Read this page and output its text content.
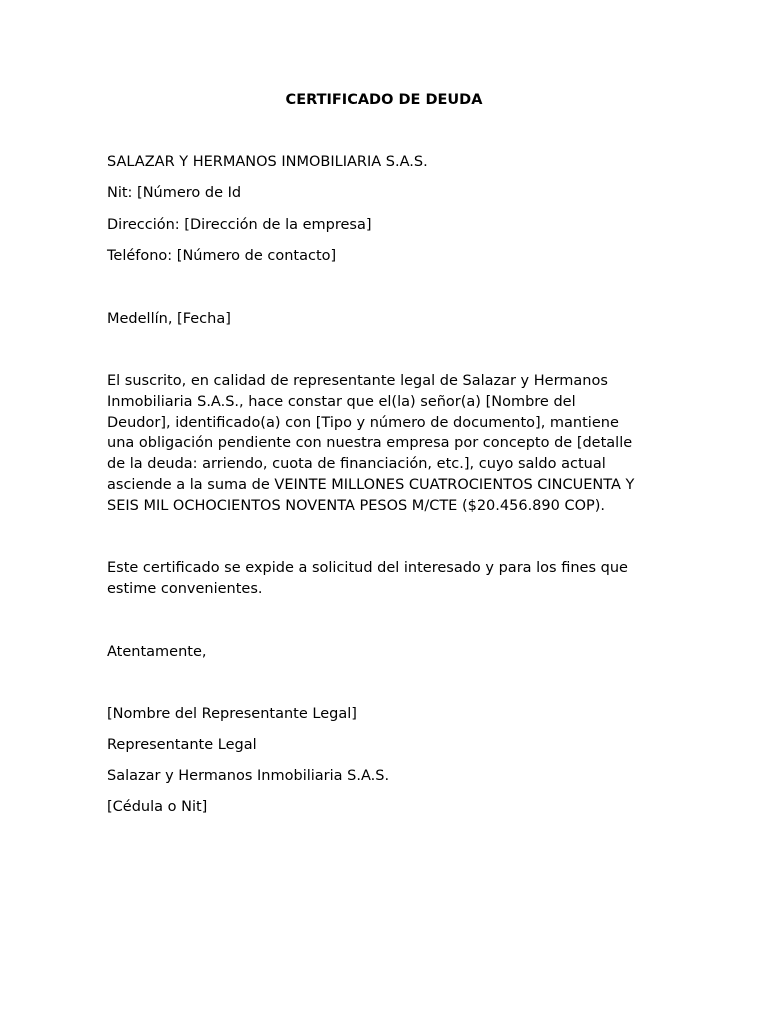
CERTIFICADO DE DEUDA

SALAZAR Y HERMANOS INMOBILIARIA S.A.S.

Nit: [Número de Id

Dirección: [Dirección de la empresa]

Teléfono: [Número de contacto]

Medellín, [Fecha]

El suscrito, en calidad de representante legal de Salazar y Hermanos
Inmobiliaria S.A.S., hace constar que el(la) señor(a) [Nombre del
Deudor], identificado(a) con [Tipo y número de documento], mantiene
una obligación pendiente con nuestra empresa por concepto de [detalle
de la deuda: arriendo, cuota de financiación, etc.], cuyo saldo actual
asciende a la suma de VEINTE MILLONES CUATROCIENTOS CINCUENTA Y
SEIS MIL OCHOCIENTOS NOVENTA PESOS M/CTE ($20.456.890 COP).
Este certificado se expide a solicitud del interesado y para los fines que
estime convenientes.

Atentamente,

[Nombre del Representante Legal]

Representante Legal

Salazar y Hermanos Inmobiliaria S.A.S.

[Cédula o Nit]
